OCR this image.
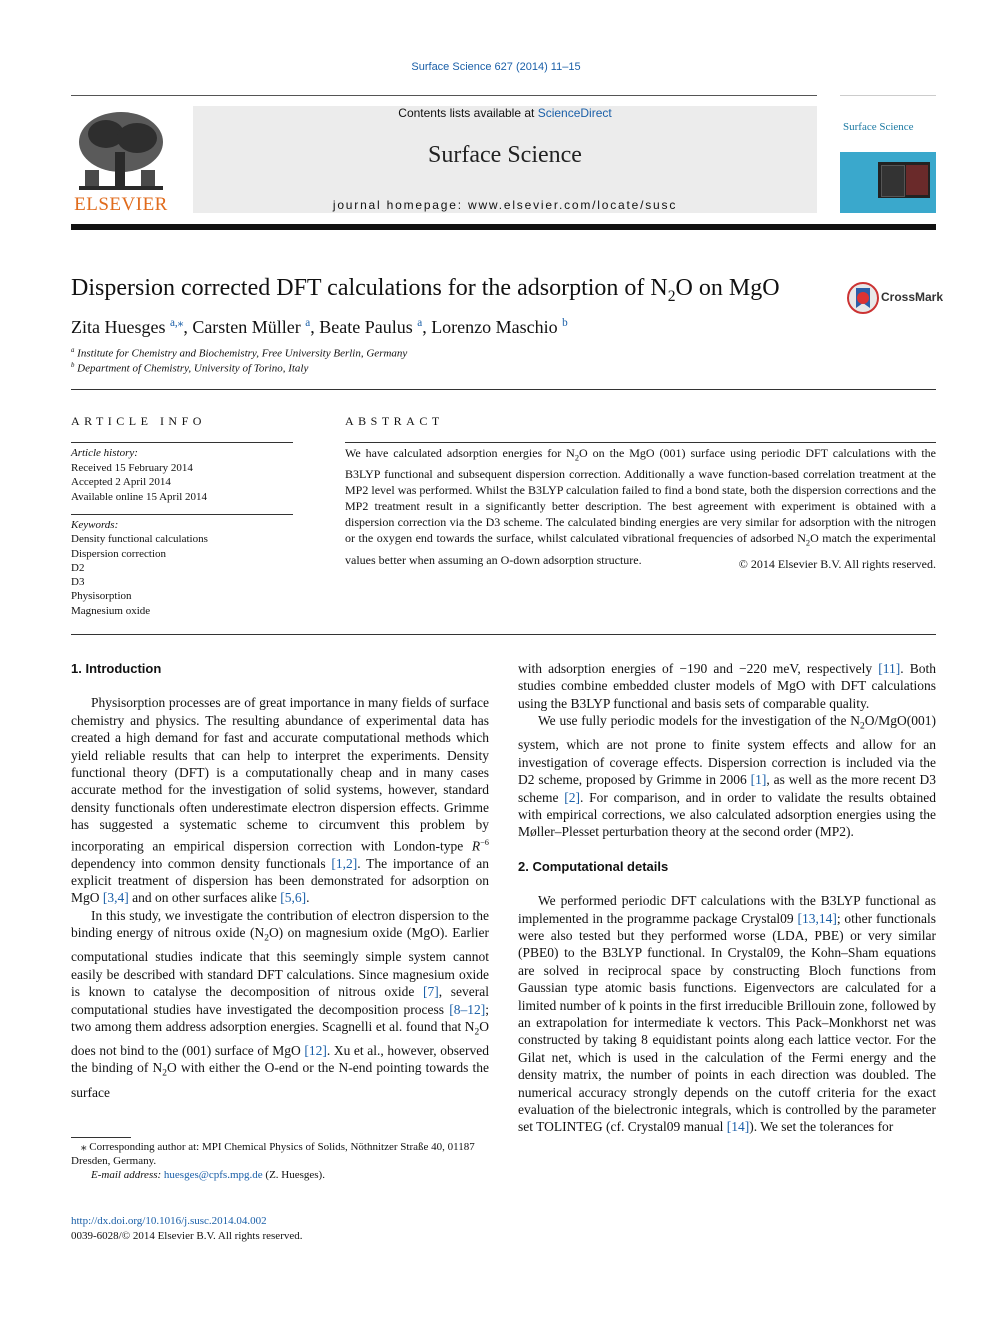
Surface Science 627 (2014) 11–15
Contents lists available at ScienceDirect
Surface Science
journal homepage: www.elsevier.com/locate/susc
ELSEVIER
Surface Science
Dispersion corrected DFT calculations for the adsorption of $N_2O$ on MgO	CrossMark
Zita Huesges $^{a,⁎}$, Carsten Müller $^a$, Beate Paulus $^a$, Lorenzo Maschio $^b$
$^a$ Institute for Chemistry and Biochemistry, Free University Berlin, Germany
$^b$ Department of Chemistry, University of Torino, Italy
ARTICLE INFO
Article history:
Received 15 February 2014
Accepted 2 April 2014
Available online 15 April 2014
Keywords:
Density functional calculations
Dispersion correction
D2
D3
Physisorption
Magnesium oxide
ABSTRACT
We have calculated adsorption energies for $N_2O$ on the MgO (001) surface using periodic DFT calculations with the B3LYP functional and subsequent dispersion correction. Additionally a wave function-based correlation treatment at the MP2 level was performed. Whilst the B3LYP calculation failed to find a bond state, both the dispersion corrections and the MP2 treatment result in a significantly better description. The best agreement with experiment is obtained with a dispersion correction via the D3 scheme. The calculated binding energies are very similar for adsorption with the nitrogen or the oxygen end towards the surface, whilst calculated vibrational frequencies of adsorbed $N_2O$ match the experimental values better when assuming an O-down adsorption structure.	© 2014 Elsevier B.V. All rights reserved.
1. Introduction

Physisorption processes are of great importance in many fields of surface chemistry and physics. The resulting abundance of experimental data has created a high demand for fast and accurate computational methods which yield reliable results that can help to interpret the experiments. Density functional theory (DFT) is a computationally cheap and in many cases accurate method for the investigation of solid systems, however, standard density functionals often underestimate electron dispersion effects. Grimme has suggested a systematic scheme to circumvent this problem by incorporating an empirical dispersion correction with London-type $R^{-6}$ dependency into common density functionals [1,2]. The importance of an explicit treatment of dispersion has been demonstrated for adsorption on MgO [3,4] and on other surfaces alike [5,6].

In this study, we investigate the contribution of electron dispersion to the binding energy of nitrous oxide $(N_2O)$ on magnesium oxide (MgO). Earlier computational studies indicate that this seemingly simple system cannot easily be described with standard DFT calculations. Since magnesium oxide is known to catalyse the decomposition of nitrous oxide [7], several computational studies have investigated the decomposition process [8–12]; two among them address adsorption energies. Scagnelli et al. found that $N_2O$ does not bind to the (001) surface of MgO [12]. Xu et al., however, observed the binding of $N_2O$ with either the O-end or the N-end pointing towards the surface

with adsorption energies of −190 and −220 meV, respectively [11]. Both studies combine embedded cluster models of MgO with DFT calculations using the B3LYP functional and basis sets of comparable quality.

We use fully periodic models for the investigation of the $N_2O/MgO(001)$ system, which are not prone to finite system effects and allow for an investigation of coverage effects. Dispersion correction is included via the D2 scheme, proposed by Grimme in 2006 [1], as well as the more recent D3 scheme [2]. For comparison, and in order to validate the results obtained with empirical corrections, we also calculated adsorption energies using the Møller–Plesset perturbation theory at the second order (MP2).

2. Computational details

We performed periodic DFT calculations with the B3LYP functional as implemented in the programme package Crystal09 [13,14]; other functionals were also tested but they performed worse (LDA, PBE) or very similar (PBE0) to the B3LYP functional. In Crystal09, the Kohn–Sham equations are solved in reciprocal space by constructing Bloch functions from Gaussian type atomic basis functions. Eigenvectors are calculated for a limited number of k points in the first irreducible Brillouin zone, followed by an extrapolation for intermediate k vectors. This Pack–Monkhorst net was constructed by taking 8 equidistant points along each lattice vector. For the Gilat net, which is used in the calculation of the Fermi energy and the density matrix, the number of points in each direction was doubled. The numerical accuracy strongly depends on the cutoff criteria for the exact evaluation of the bielectronic integrals, which is controlled by the parameter set TOLINTEG (cf. Crystal09 manual [14]). We set the tolerances for

⁎ Corresponding author at: MPI Chemical Physics of Solids, Nöthnitzer Straße 40, 01187 Dresden, Germany.
E-mail address: huesges@cpfs.mpg.de (Z. Huesges).
http://dx.doi.org/10.1016/j.susc.2014.04.002
0039-6028/© 2014 Elsevier B.V. All rights reserved.
